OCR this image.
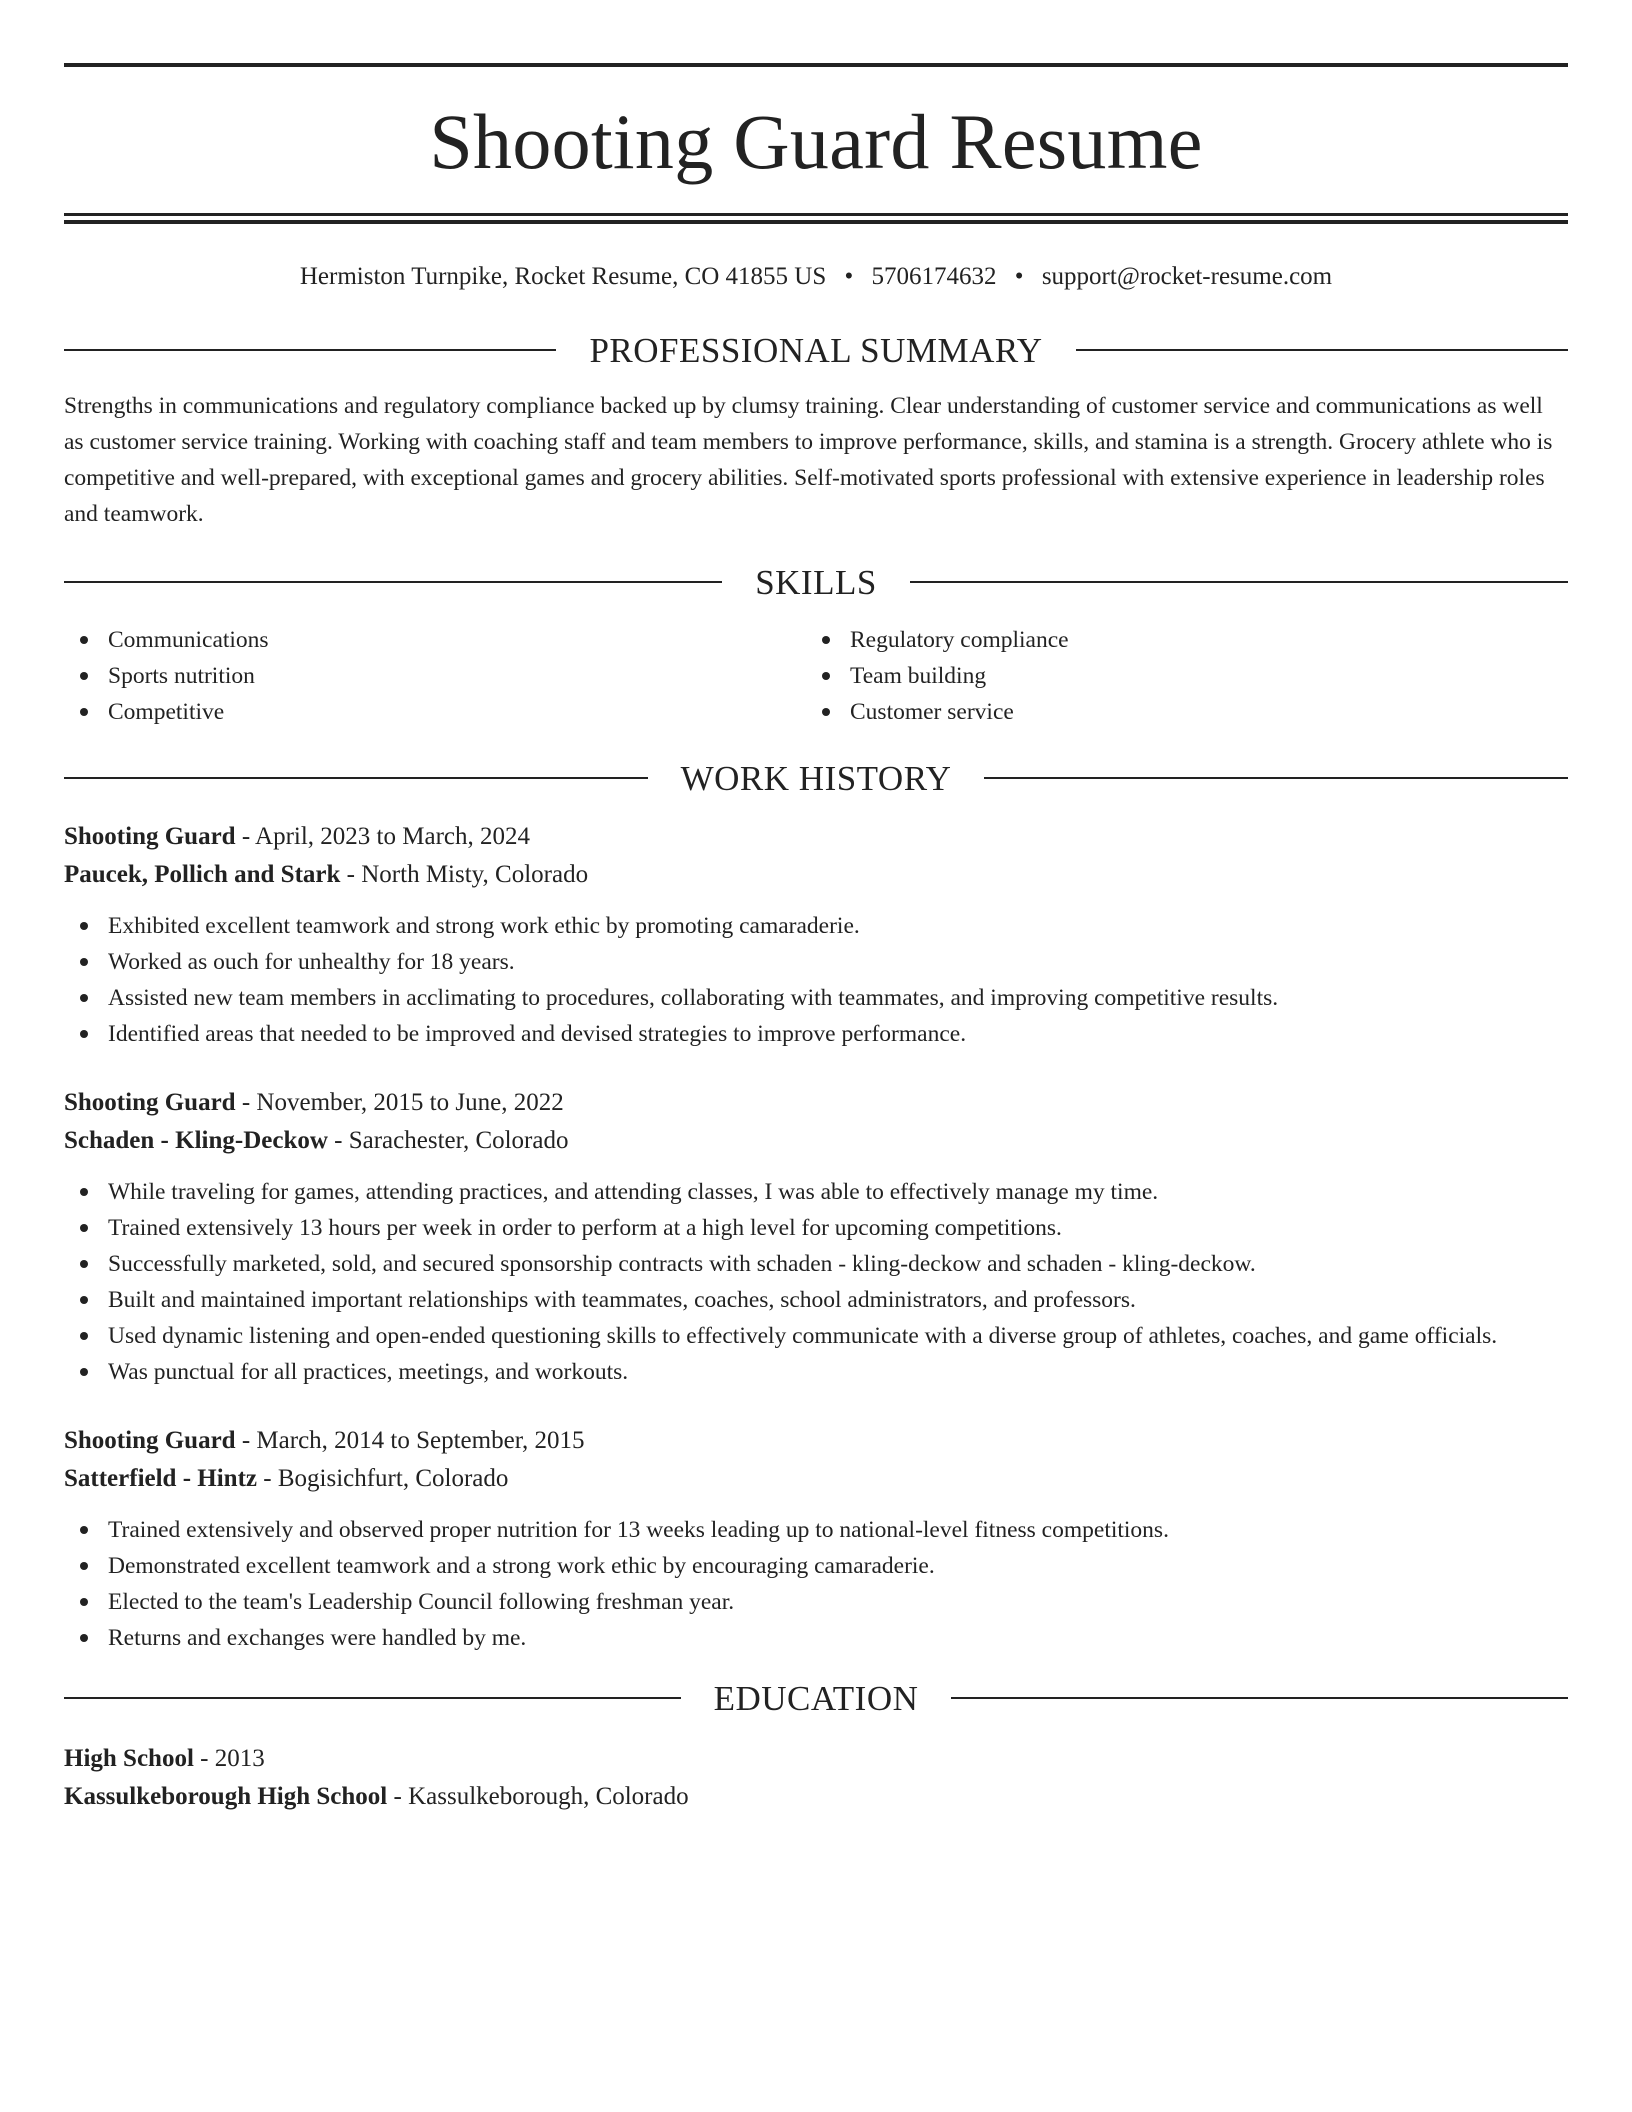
Shooting Guard Resume
Hermiston Turnpike, Rocket Resume, CO 41855 US • 5706174632 • support@rocket-resume.com
PROFESSIONAL SUMMARY

Strengths in communications and regulatory compliance backed up by clumsy training. Clear understanding of customer service and communications as well as customer service training. Working with coaching staff and team members to improve performance, skills, and stamina is a strength. Grocery athlete who is competitive and well-prepared, with exceptional games and grocery abilities. Self-motivated sports professional with extensive experience in leadership roles and teamwork.

SKILLS
Communications
Sports nutrition
Competitive
Regulatory compliance
Team building
Customer service
WORK HISTORY
Shooting Guard - April, 2023 to March, 2024
Paucek, Pollich and Stark - North Misty, Colorado
Exhibited excellent teamwork and strong work ethic by promoting camaraderie.
Worked as ouch for unhealthy for 18 years.
Assisted new team members in acclimating to procedures, collaborating with teammates, and improving competitive results.
Identified areas that needed to be improved and devised strategies to improve performance.
Shooting Guard - November, 2015 to June, 2022
Schaden - Kling-Deckow - Sarachester, Colorado
While traveling for games, attending practices, and attending classes, I was able to effectively manage my time.
Trained extensively 13 hours per week in order to perform at a high level for upcoming competitions.
Successfully marketed, sold, and secured sponsorship contracts with schaden - kling-deckow and schaden - kling-deckow.
Built and maintained important relationships with teammates, coaches, school administrators, and professors.
Used dynamic listening and open-ended questioning skills to effectively communicate with a diverse group of athletes, coaches, and game officials.
Was punctual for all practices, meetings, and workouts.
Shooting Guard - March, 2014 to September, 2015
Satterfield - Hintz - Bogisichfurt, Colorado
Trained extensively and observed proper nutrition for 13 weeks leading up to national-level fitness competitions.
Demonstrated excellent teamwork and a strong work ethic by encouraging camaraderie.
Elected to the team's Leadership Council following freshman year.
Returns and exchanges were handled by me.
EDUCATION
High School - 2013
Kassulkeborough High School - Kassulkeborough, Colorado
